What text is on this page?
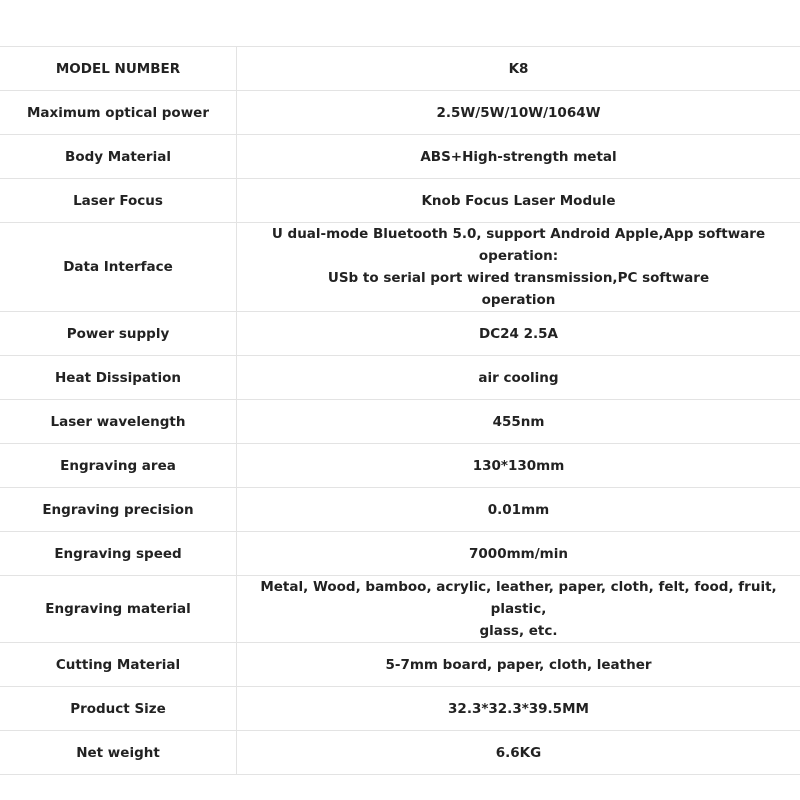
MODEL NUMBER	K8

Maximum optical power	2.5W/5W/10W/1064W

Body Material	ABS+High-strength metal

Laser Focus	Knob Focus Laser Module

Data Interface	U dual-mode Bluetooth 5.0, support Android Apple,App software operation:
USb to serial port wired transmission,PC software
operation

Power supply	DC24 2.5A

Heat Dissipation	air cooling

Laser wavelength	455nm

Engraving area	130*130mm

Engraving precision	0.01mm

Engraving speed	7000mm/min

Engraving material	Metal, Wood, bamboo, acrylic, leather, paper, cloth, felt, food, fruit, plastic,
glass, etc.

Cutting Material	5-7mm board, paper, cloth, leather

Product Size	32.3*32.3*39.5MM

Net weight	6.6KG
